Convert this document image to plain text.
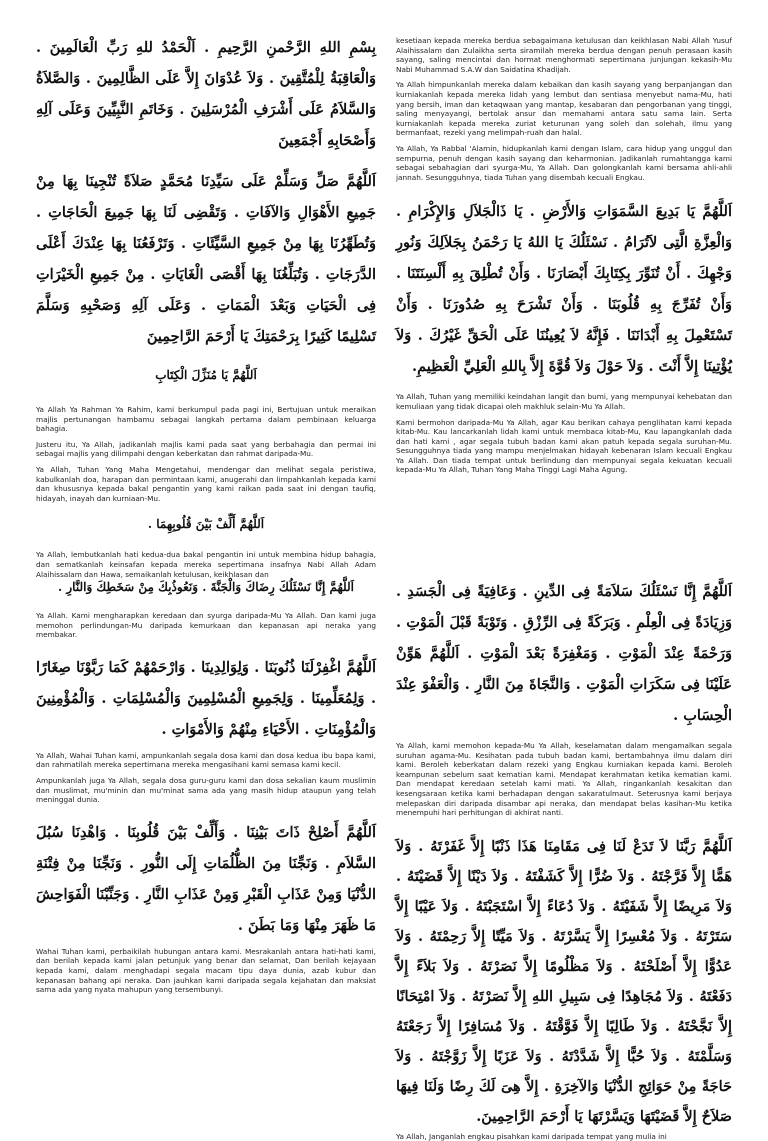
بِسْمِ اللهِ الرَّحْمنِ الرَّحِيمِ . اَلْحَمْدُ للهِ رَبِّ الْعَالَمِينَ . وَالْعَاقِبَةُ لِلْمُتَّقِينَ . وَلاَ عُدْوَانَ إِلاَّ عَلَى الظَّالِمِينَ . وَالصَّلاَةُ وَالسَّلاَمُ عَلَى أَشْرَفِ الْمُرْسَلِينَ . وَخَاتَمِ النَّبِيِّينَ وَعَلَى آلِهِ وَأَصْحَابِهِ أَجْمَعِينَ

اَللَّهُمَّ صَلِّ وَسَلِّمْ عَلَى سَيِّدِنَا مُحَمَّدٍ صَلاَةً تُنْجِينَا بِهَا مِنْ جَمِيعِ الأَهْوَالِ وَالآفَاتِ . وَتَقْضِى لَنَا بِهَا جَمِيعَ الْحَاجَاتِ . وَتُطَهِّرُنَا بِهَا مِنْ جَمِيعِ السَّيِّئَاتِ . وَتَرْفَعُنَا بِهَا عِنْدَكَ أَعْلَى الدَّرَجَاتِ . وَتُبَلِّغُنَا بِهَا أَقْصَى الْغَايَاتِ . مِنْ جَمِيعِ الْخَيْرَاتِ فِى الْحَيَاتِ وَبَعْدَ الْمَمَاتِ . وَعَلَى آلِهِ وَصَحْبِهِ وَسَلَّمَ تَسْلِيمًا كَثِيرًا بِرَحْمَتِكَ يَا أَرْحَمَ الرَّاحِمِينَ

اَللَّهُمَّ يَا مُنَزِّلَ الْكِتَابِ

Ya Allah Ya Rahman Ya Rahim, kami berkumpul pada pagi ini, Bertujuan untuk meraikan majlis pertunangan hambamu sebagai langkah pertama dalam pembinaan keluarga bahagia.

Justeru itu, Ya Allah, jadikanlah majlis kami pada saat yang berbahagia dan permai ini sebagai majlis yang dilimpahi dengan keberkatan dan rahmat daripada-Mu.

Ya Allah, Tuhan Yang Maha Mengetahui, mendengar dan melihat segala peristiwa, kabulkanlah doa, harapan dan permintaan kami, anugerahi dan limpahkanlah kepada kami dan khususnya kepada bakal pengantin yang kami raikan pada saat ini dengan taufiq, hidayah, inayah dan kurniaan-Mu.

اَللَّهُمَّ أَلِّفْ بَيْنَ قُلُوبِهِمَا .

Ya Allah, lembutkanlah hati kedua-dua bakal pengantin ini untuk membina hidup bahagia, dan sematkanlah keinsafan kepada mereka sepertimana insafnya Nabi Allah Adam Alaihissalam dan Hawa, semaikanlah ketulusan, keikhlasan dan

kesetiaan kepada mereka berdua sebagaimana ketulusan dan keikhlasan Nabi Allah Yusuf Alaihissalam dan Zulaikha serta siramilah mereka berdua dengan penuh perasaan kasih sayang, saling mencintai dan hormat menghormati sepertimana junjungan kekasih-Mu Nabi Muhammad S.A.W dan Saidatina Khadijah.

Ya Allah himpunkanlah mereka dalam kebaikan dan kasih sayang yang berpanjangan dan kurniakanlah kepada mereka lidah yang lembut dan sentiasa menyebut nama-Mu, hati yang bersih, iman dan ketaqwaan yang mantap, kesabaran dan pengorbanan yang tinggi, saling menyayangi, bertolak ansur dan memahami antara satu sama lain. Serta kurniakanlah kepada mereka zuriat keturunan yang soleh dan solehah, ilmu yang bermanfaat, rezeki yang melimpah-ruah dan halal.

Ya Allah, Ya Rabbal 'Alamin, hidupkanlah kami dengan Islam, cara hidup yang unggul dan sempurna, penuh dengan kasih sayang dan keharmonian. Jadikanlah rumahtangga kami sebagai sebahagian dari syurga-Mu, Ya Allah. Dan golongkanlah kami bersama ahli-ahli jannah. Sesungguhnya, tiada Tuhan yang disembah kecuali Engkau.

اَللَّهُمَّ يَا بَدِيعَ السَّمَوَاتِ وَالأَرْضِ . يَا ذَالْجَلاَلِ وَالإِكْرَامِ . وَالْعِزَّةِ الَّتِى لاَتُرَامُ . نَسْئَلُكَ يَا اللهُ يَا رَحْمَنُ بِجَلاَلِكَ وَنُورِ وَجْهِكَ . أَنْ تُنَوِّرَ بِكِتَابِكَ أَبْصَارَنَا . وَأَنْ تُطْلِقَ بِهِ أَلْسِنَتَنَا . وَأَنْ تُفَرِّجَ بِهِ قُلُوبَنَا . وَأَنْ تَشْرَحَ بِهِ صُدُورَنَا . وَأَنْ تَسْتَعْمِلَ بِهِ أَبْدَانَنَا . فَإِنَّهُ لاَ يُعِينُنَا عَلَى الْحَقِّ غَيْرُكَ . وَلاَ يُؤْتِينَا إِلاَّ أَنْتَ . وَلاَ حَوْلَ وَلاَ قُوَّةَ إِلاَّ بِاللهِ الْعَلِيِّ الْعَظِيمِ.

Ya Allah, Tuhan yang memiliki keindahan langit dan bumi, yang mempunyai kehebatan dan kemuliaan yang tidak dicapai oleh makhluk selain-Mu Ya Allah.

Kami bermohon daripada-Mu Ya Allah, agar Kau berikan cahaya penglihatan kami kepada kitab-Mu. Kau lancarkanlah lidah kami untuk membaca kitab-Mu, Kau lapangkanlah dada dan hati kami , agar segala tubuh badan kami akan patuh kepada segala suruhan-Mu. Sesungguhnya tiada yang mampu menjelmakan hidayah kebenaran Islam kecuali Engkau Ya Allah. Dan tiada tempat untuk berlindung dan mempunyai segala kekuatan kecuali kepada-Mu Ya Allah, Tuhan Yang Maha Tinggi Lagi Maha Agung.

اَللَّهُمَّ إِنَّا نَسْئَلُكَ رِضَاكَ وَالْجَنَّةَ . وَنَعُوذُبِكَ مِنْ سَخَطِكَ وَالنَّارِ .

Ya Allah. Kami mengharapkan keredaan dan syurga daripada-Mu Ya Allah. Dan kami juga memohon perlindungan-Mu daripada kemurkaan dan kepanasan api neraka yang membakar.

اَللَّهُمَّ اغْفِرْلَنَا ذُنُوبَنَا . وَلِوَالِدِينَا . وَارْحَمْهُمْ كَمَا رَبَّوْنَا صِغَارًا . وَلِمُعَلِّمِينَا . وَلِجَمِيعِ الْمُسْلِمِينَ وَالْمُسْلِمَاتِ . وَالْمُؤْمِنِينَ وَالْمُؤْمِنَاتِ . الأَحْيَاءِ مِنْهُمْ وَالأَمْوَاتِ .

Ya Allah, Wahai Tuhan kami, ampunkanlah segala dosa kami dan dosa kedua ibu bapa kami, dan rahmatilah mereka sepertimana mereka mengasihani kami semasa kami kecil.

Ampunkanlah juga Ya Allah, segala dosa guru-guru kami dan dosa sekalian kaum muslimin dan muslimat, mu'minin dan mu'minat sama ada yang masih hidup ataupun yang telah meninggal dunia.

اَللَّهُمَّ أَصْلِحْ ذَاتَ بَيْنِنَا . وَأَلِّفْ بَيْنَ قُلُوبِنَا . وَاهْدِنَا سُبُلَ السَّلاَمِ . وَنَجِّنَا مِنَ الظُّلُمَاتِ إِلَى النُّورِ . وَنَجِّنَا مِنْ فِتْنَةِ الدُّنْيَا وَمِنْ عَذَابِ الْقَبْرِ وَمِنْ عَذَابِ النَّارِ . وَجَنِّبْنَا الْفَوَاحِشَ مَا ظَهَرَ مِنْهَا وَمَا بَطَنَ .

Wahai Tuhan kami, perbaikilah hubungan antara kami. Mesrakanlah antara hati-hati kami, dan berilah kepada kami jalan petunjuk yang benar dan selamat, Dan berilah kejayaan kepada kami, dalam menghadapi segala macam tipu daya dunia, azab kubur dan kepanasan bahang api neraka. Dan jauhkan kami daripada segala kejahatan dan maksiat sama ada yang nyata mahupun yang tersembunyi.

اَللَّهُمَّ إِنَّا نَسْئَلُكَ سَلاَمَةً فِى الدِّينِ . وَعَافِيَةً فِى الْجَسَدِ . وَزِيَادَةً فِى الْعِلْمِ . وَبَرَكَةً فِى الرِّزْقِ . وَتَوْبَةً قَبْلَ الْمَوْتِ . وَرَحْمَةً عِنْدَ الْمَوْتِ . وَمَغْفِرَةً بَعْدَ الْمَوْتِ . اَللَّهُمَّ هَوِّنْ عَلَيْنَا فِى سَكَرَاتِ الْمَوْتِ . وَالنَّجَاةَ مِنَ النَّارِ . وَالْعَفْوَ عِنْدَ الْحِسَابِ .

Ya Allah, kami memohon kepada-Mu Ya Allah, keselamatan dalam mengamalkan segala suruhan agama-Mu. Kesihatan pada tubuh badan kami, bertambahnya ilmu dalam diri kami. Beroleh keberkatan dalam rezeki yang Engkau kurniakan kepada kami. Beroleh keampunan sebelum saat kematian kami. Mendapat kerahmatan ketika kematian kami. Dan mendapat keredaan setelah kami mati. Ya Allah, ringankanlah kesakitan dan kesengsaraan ketika kami berhadapan dengan sakaratulmaut. Seterusnya kami berjaya melepaskan diri daripada disambar api neraka, dan mendapat belas kasihan-Mu ketika menempuhi hari perhitungan di akhirat nanti.

اَللَّهُمَّ رَبَّنَا لاَ تَدَعْ لَنَا فِى مَقَامِنَا هَذَا ذَنْبًا إِلاَّ غَفَرْتَهُ . وَلاَ هَمًّا إِلاَّ فَرَّجْتَهُ . وَلاَ ضُرًّا إِلاَّ كَشَفْتَهُ . وَلاَ دَيْنًا إِلاَّ قَضَيْتَهُ . وَلاَ مَرِيضًا إِلاَّ شَفَيْتَهُ . وَلاَ دُعَاءً إِلاَّ اسْتَجَبْتَهُ . وَلاَ عَيْبًا إِلاَّ سَتَرْتَهُ . وَلاَ مُعْسِرًا إِلاَّ يَسَّرْتَهُ . وَلاَ مَيِّتًا إِلاَّ رَحِمْتَهُ . وَلاَ عَدُوًّا إِلاَّ أَصْلَحْتَهُ . وَلاَ مَظْلُومًا إِلاَّ نَصَرْتَهُ . وَلاَ بَلاَءً إِلاَّ دَفَعْتَهُ . وَلاَ مُجَاهِدًا فِى سَبِيلِ اللهِ إِلاَّ نَصَرْتَهُ . وَلاَ امْتِحَانًا إِلاَّ نَجَّحْتَهُ . وَلاَ طَالِبًا إِلاَّ فَوَّقْتَهُ . وَلاَ مُسَافِرًا إِلاَّ رَجَعْتَهُ وَسَلَّمْتَهُ . وَلاَ حُبًّا إِلاَّ شَدَّدْتَهُ . وَلاَ عَزَبًا إِلاَّ زَوَّجْتَهُ . وَلاَ حَاجَةً مِنْ حَوَائِجِ الدُّنْيَا وَالآخِرَةِ . إِلاَّ هِىَ لَكَ رِضًا وَلَنَا فِيهَا صَلاَحٌ إِلاَّ قَضَيْتَهَا وَيَسَّرْتَهَا يَا أَرْحَمَ الرَّاحِمِينَ.

Ya Allah, Janganlah engkau pisahkan kami daripada tempat yang mulia ini
